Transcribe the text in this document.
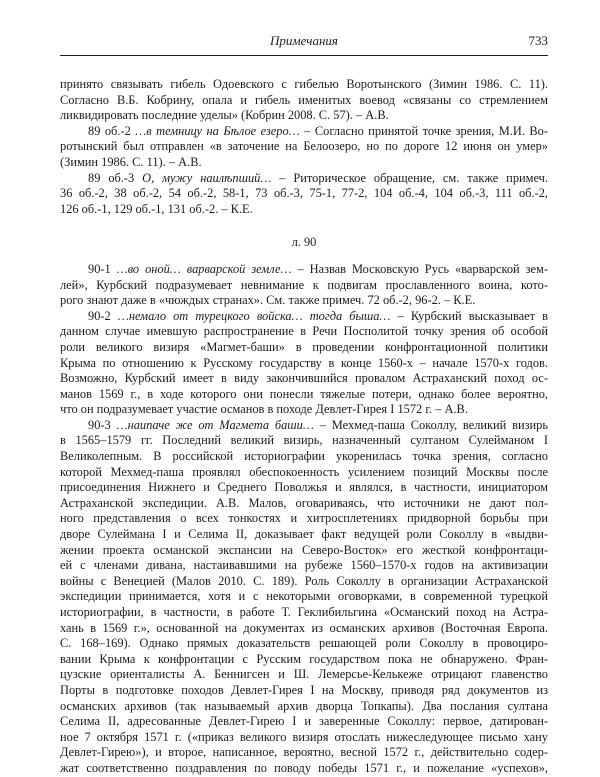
Примечания	733
принято связывать гибель Одоевского с гибелью Воротынского (Зимин 1986. С. 11).
Согласно В.Б. Кобрину, опала и гибель именитых воевод «связаны со стремлением
ликвидировать последние уделы» (Кобрин 2008. С. 57). – А.В.
89 об.-2 …в темницу на Бѣлое езеро… – Согласно принятой точке зрения, М.И. Во-
ротынский был отправлен «в заточение на Белоозеро, но по дороге 12 июня он умер»
(Зимин 1986. С. 11). – А.В.
89 об.-3 О, мужу наилѣпший… – Риторическое обращение, см. также примеч.
36 об.-2, 38 об.-2, 54 об.-2, 58-1, 73 об.-3, 75-1, 77-2, 104 об.-4, 104 об.-3, 111 об.-2,
126 об.-1, 129 об.-1, 131 об.-2. – К.Е.
л. 90
90-1 …во оной… варварской земле… – Назвав Московскую Русь «варварской зем-
лей», Курбский подразумевает невнимание к подвигам прославленного воина, кото-
рого знают даже в «чюждых странах». См. также примеч. 72 об.-2, 96-2. – К.Е.
90-2 …немало от турецкого войска… тогда быша… – Курбский высказывает в
данном случае имевшую распространение в Речи Посполитой точку зрения об особой
роли великого визиря «Магмет-баши» в проведении конфронтационной политики
Крыма по отношению к Русскому государству в конце 1560-х – начале 1570-х годов.
Возможно, Курбский имеет в виду закончившийся провалом Астраханский поход ос-
манов 1569 г., в ходе которого они понесли тяжелые потери, однако более вероятно,
что он подразумевает участие османов в походе Девлет-Гирея I 1572 г. – А.В.
90-3 …наипаче же от Магмета баши… – Мехмед-паша Соколлу, великий визирь
в 1565–1579 гг. Последний великий визирь, назначенный султаном Сулейманом I
Великолепным. В российской историографии укоренилась точка зрения, согласно
которой Мехмед-паша проявлял обеспокоенность усилением позиций Москвы после
присоединения Нижнего и Среднего Поволжья и являлся, в частности, инициатором
Астраханской экспедиции. А.В. Малов, оговариваясь, что источники не дают пол-
ного представления о всех тонкостях и хитросплетениях придворной борьбы при
дворе Сулеймана I и Селима II, доказывает факт ведущей роли Соколлу в «выдви-
жении проекта османской экспансии на Северо-Восток» его жесткой конфронтаци-
ей с членами дивана, настаивавшими на рубеже 1560–1570-х годов на активизации
войны с Венецией (Малов 2010. С. 189). Роль Соколлу в организации Астраханской
экспедиции принимается, хотя и с некоторыми оговорками, в современной турецкой
историографии, в частности, в работе Т. Геклибильгина «Османский поход на Астра-
хань в 1569 г.», основанной на документах из османских архивов (Восточная Европа.
С. 168–169). Однако прямых доказательств решающей роли Соколлу в провоциро-
вании Крыма к конфронтации с Русским государством пока не обнаружено. Фран-
цузские ориенталисты А. Беннигсен и Ш. Лемерсье-Келькеже отрицают главенство
Порты в подготовке походов Девлет-Гирея I на Москву, приводя ряд документов из
османских архивов (так называемый архив дворца Топкапы). Два послания султана
Селима II, адресованные Девлет-Гирею I и заверенные Соколлу: первое, датирован-
ное 7 октября 1571 г. («приказ великого визиря отослать нижеследующее письмо хану
Девлет-Гирею»), и второе, написанное, вероятно, весной 1572 г., действительно содер-
жат соответственно поздравления по поводу победы 1571 г., и пожелание «успехов»,
